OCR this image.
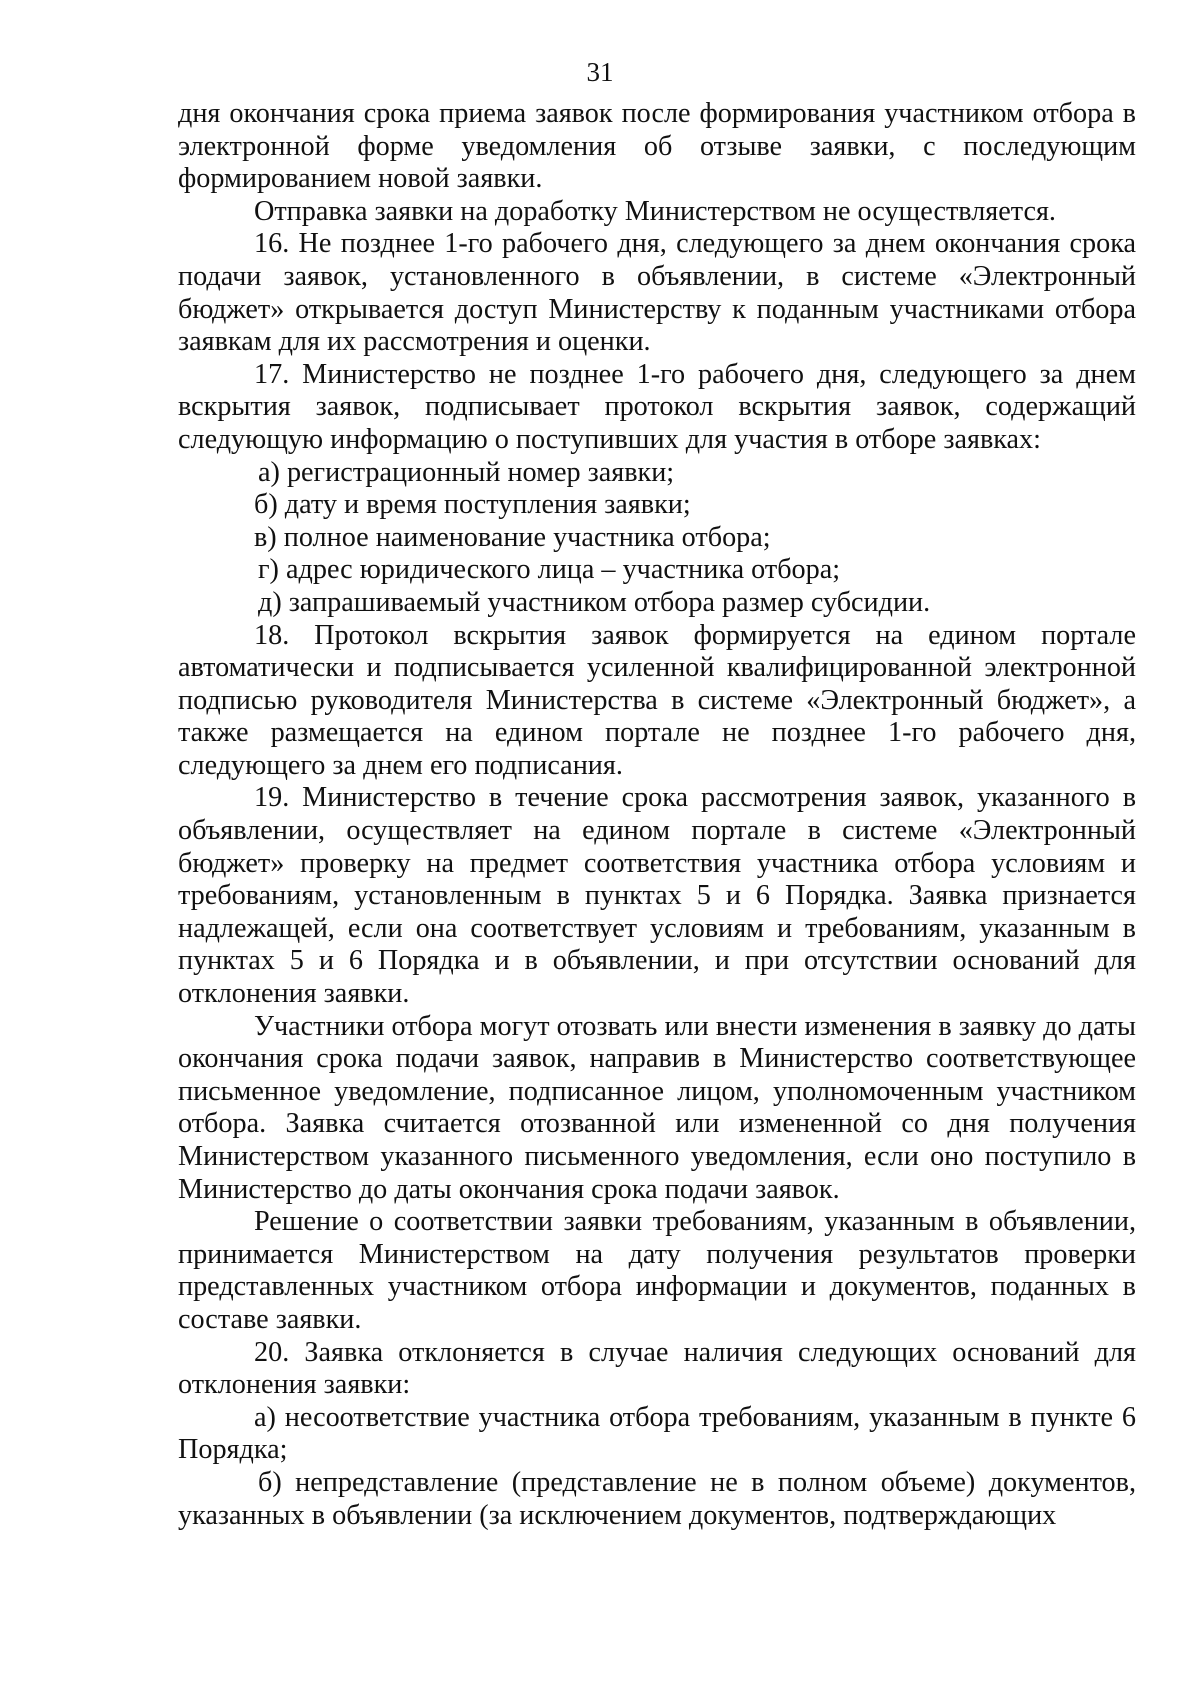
31

дня окончания срока приема заявок после формирования участником отбора в электронной форме уведомления об отзыве заявки, с последующим формированием новой заявки.

Отправка заявки на доработку Министерством не осуществляется.

16. Не позднее 1-го рабочего дня, следующего за днем окончания срока подачи заявок, установленного в объявлении, в системе «Электронный бюджет» открывается доступ Министерству к поданным участниками отбора заявкам для их рассмотрения и оценки.

17. Министерство не позднее 1-го рабочего дня, следующего за днем вскрытия заявок, подписывает протокол вскрытия заявок, содержащий следующую информацию о поступивших для участия в отборе заявках:

а) регистрационный номер заявки;

б) дату и время поступления заявки;

в) полное наименование участника отбора;

г) адрес юридического лица – участника отбора;

д) запрашиваемый участником отбора размер субсидии.

18. Протокол вскрытия заявок формируется на едином портале автоматически и подписывается усиленной квалифицированной электронной подписью руководителя Министерства в системе «Электронный бюджет», а также размещается на едином портале не позднее 1-го рабочего дня, следующего за днем его подписания.

19. Министерство в течение срока рассмотрения заявок, указанного в объявлении, осуществляет на едином портале в системе «Электронный бюджет» проверку на предмет соответствия участника отбора условиям и требованиям, установленным в пунктах 5 и 6 Порядка. Заявка признается надлежащей, если она соответствует условиям и требованиям, указанным в пунктах 5 и 6 Порядка и в объявлении, и при отсутствии оснований для отклонения заявки.

Участники отбора могут отозвать или внести изменения в заявку до даты окончания срока подачи заявок, направив в Министерство соответствующее письменное уведомление, подписанное лицом, уполномоченным участником отбора. Заявка считается отозванной или измененной со дня получения Министерством указанного письменного уведомления, если оно поступило в Министерство до даты окончания срока подачи заявок.

Решение о соответствии заявки требованиям, указанным в объявлении, принимается Министерством на дату получения результатов проверки представленных участником отбора информации и документов, поданных в составе заявки.

20. Заявка отклоняется в случае наличия следующих оснований для отклонения заявки:

а) несоответствие участника отбора требованиям, указанным в пункте 6 Порядка;

б) непредставление (представление не в полном объеме) документов, указанных в объявлении (за исключением документов, подтверждающих
